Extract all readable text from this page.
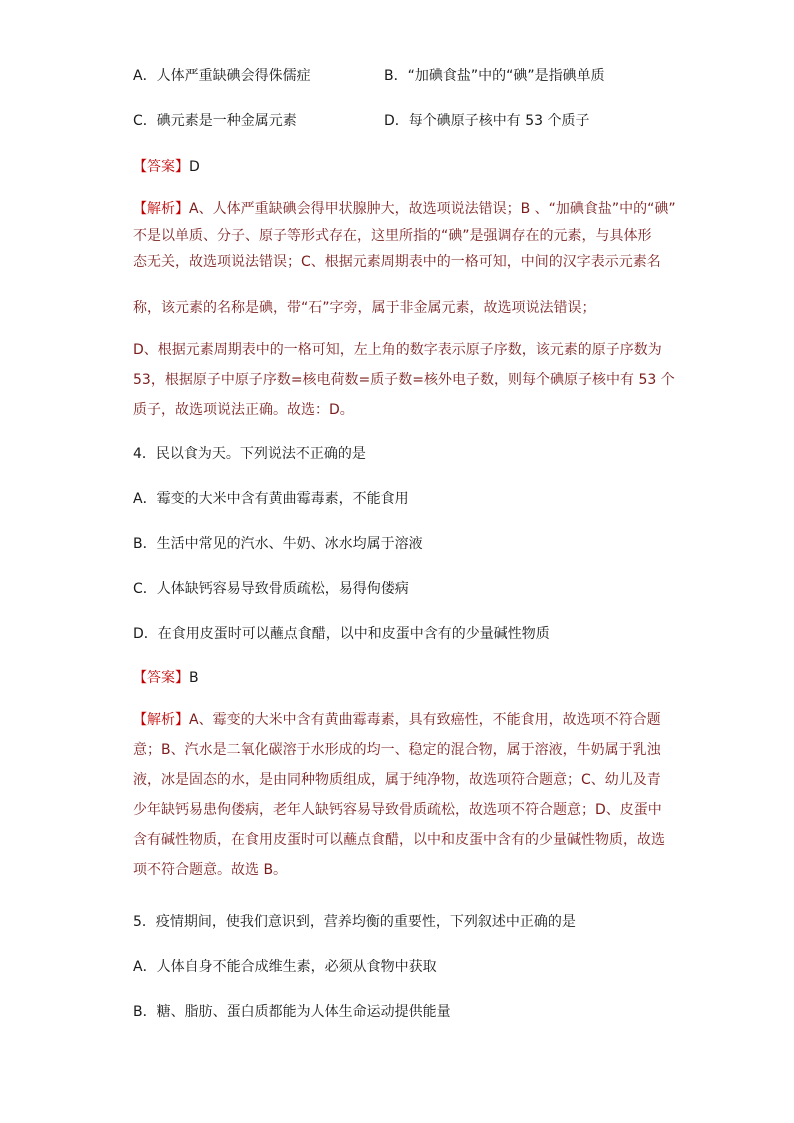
A．人体严重缺碘会得侏儒症	B．“加碘食盐”中的“碘”是指碘单质
C．碘元素是一种金属元素	D．每个碘原子核中有 53 个质子
【答案】D
【解析】A、人体严重缺碘会得甲状腺肿大，故选项说法错误；B 、“加碘食盐”中的“碘”
不是以单质、分子、原子等形式存在，这里所指的“碘”是强调存在的元素，与具体形
态无关，故选项说法错误；C、根据元素周期表中的一格可知，中间的汉字表示元素名
称，该元素的名称是碘，带“石”字旁，属于非金属元素，故选项说法错误；
D、根据元素周期表中的一格可知，左上角的数字表示原子序数，该元素的原子序数为
53，根据原子中原子序数=核电荷数=质子数=核外电子数，则每个碘原子核中有 53 个
质子，故选项说法正确。故选：D。
4．民以食为天。下列说法不正确的是
A．霉变的大米中含有黄曲霉毒素，不能食用
B．生活中常见的汽水、牛奶、冰水均属于溶液
C．人体缺钙容易导致骨质疏松，易得佝偻病
D．在食用皮蛋时可以蘸点食醋，以中和皮蛋中含有的少量碱性物质
【答案】B
【解析】A、霉变的大米中含有黄曲霉毒素，具有致癌性，不能食用，故选项不符合题
意；B、汽水是二氧化碳溶于水形成的均一、稳定的混合物，属于溶液，牛奶属于乳浊
液，冰是固态的水，是由同种物质组成，属于纯净物，故选项符合题意；C、幼儿及青
少年缺钙易患佝偻病，老年人缺钙容易导致骨质疏松，故选项不符合题意；D、皮蛋中
含有碱性物质，在食用皮蛋时可以蘸点食醋，以中和皮蛋中含有的少量碱性物质，故选
项不符合题意。故选 B。
5．疫情期间，使我们意识到，营养均衡的重要性，下列叙述中正确的是
A．人体自身不能合成维生素，必须从食物中获取
B．糖、脂肪、蛋白质都能为人体生命运动提供能量
